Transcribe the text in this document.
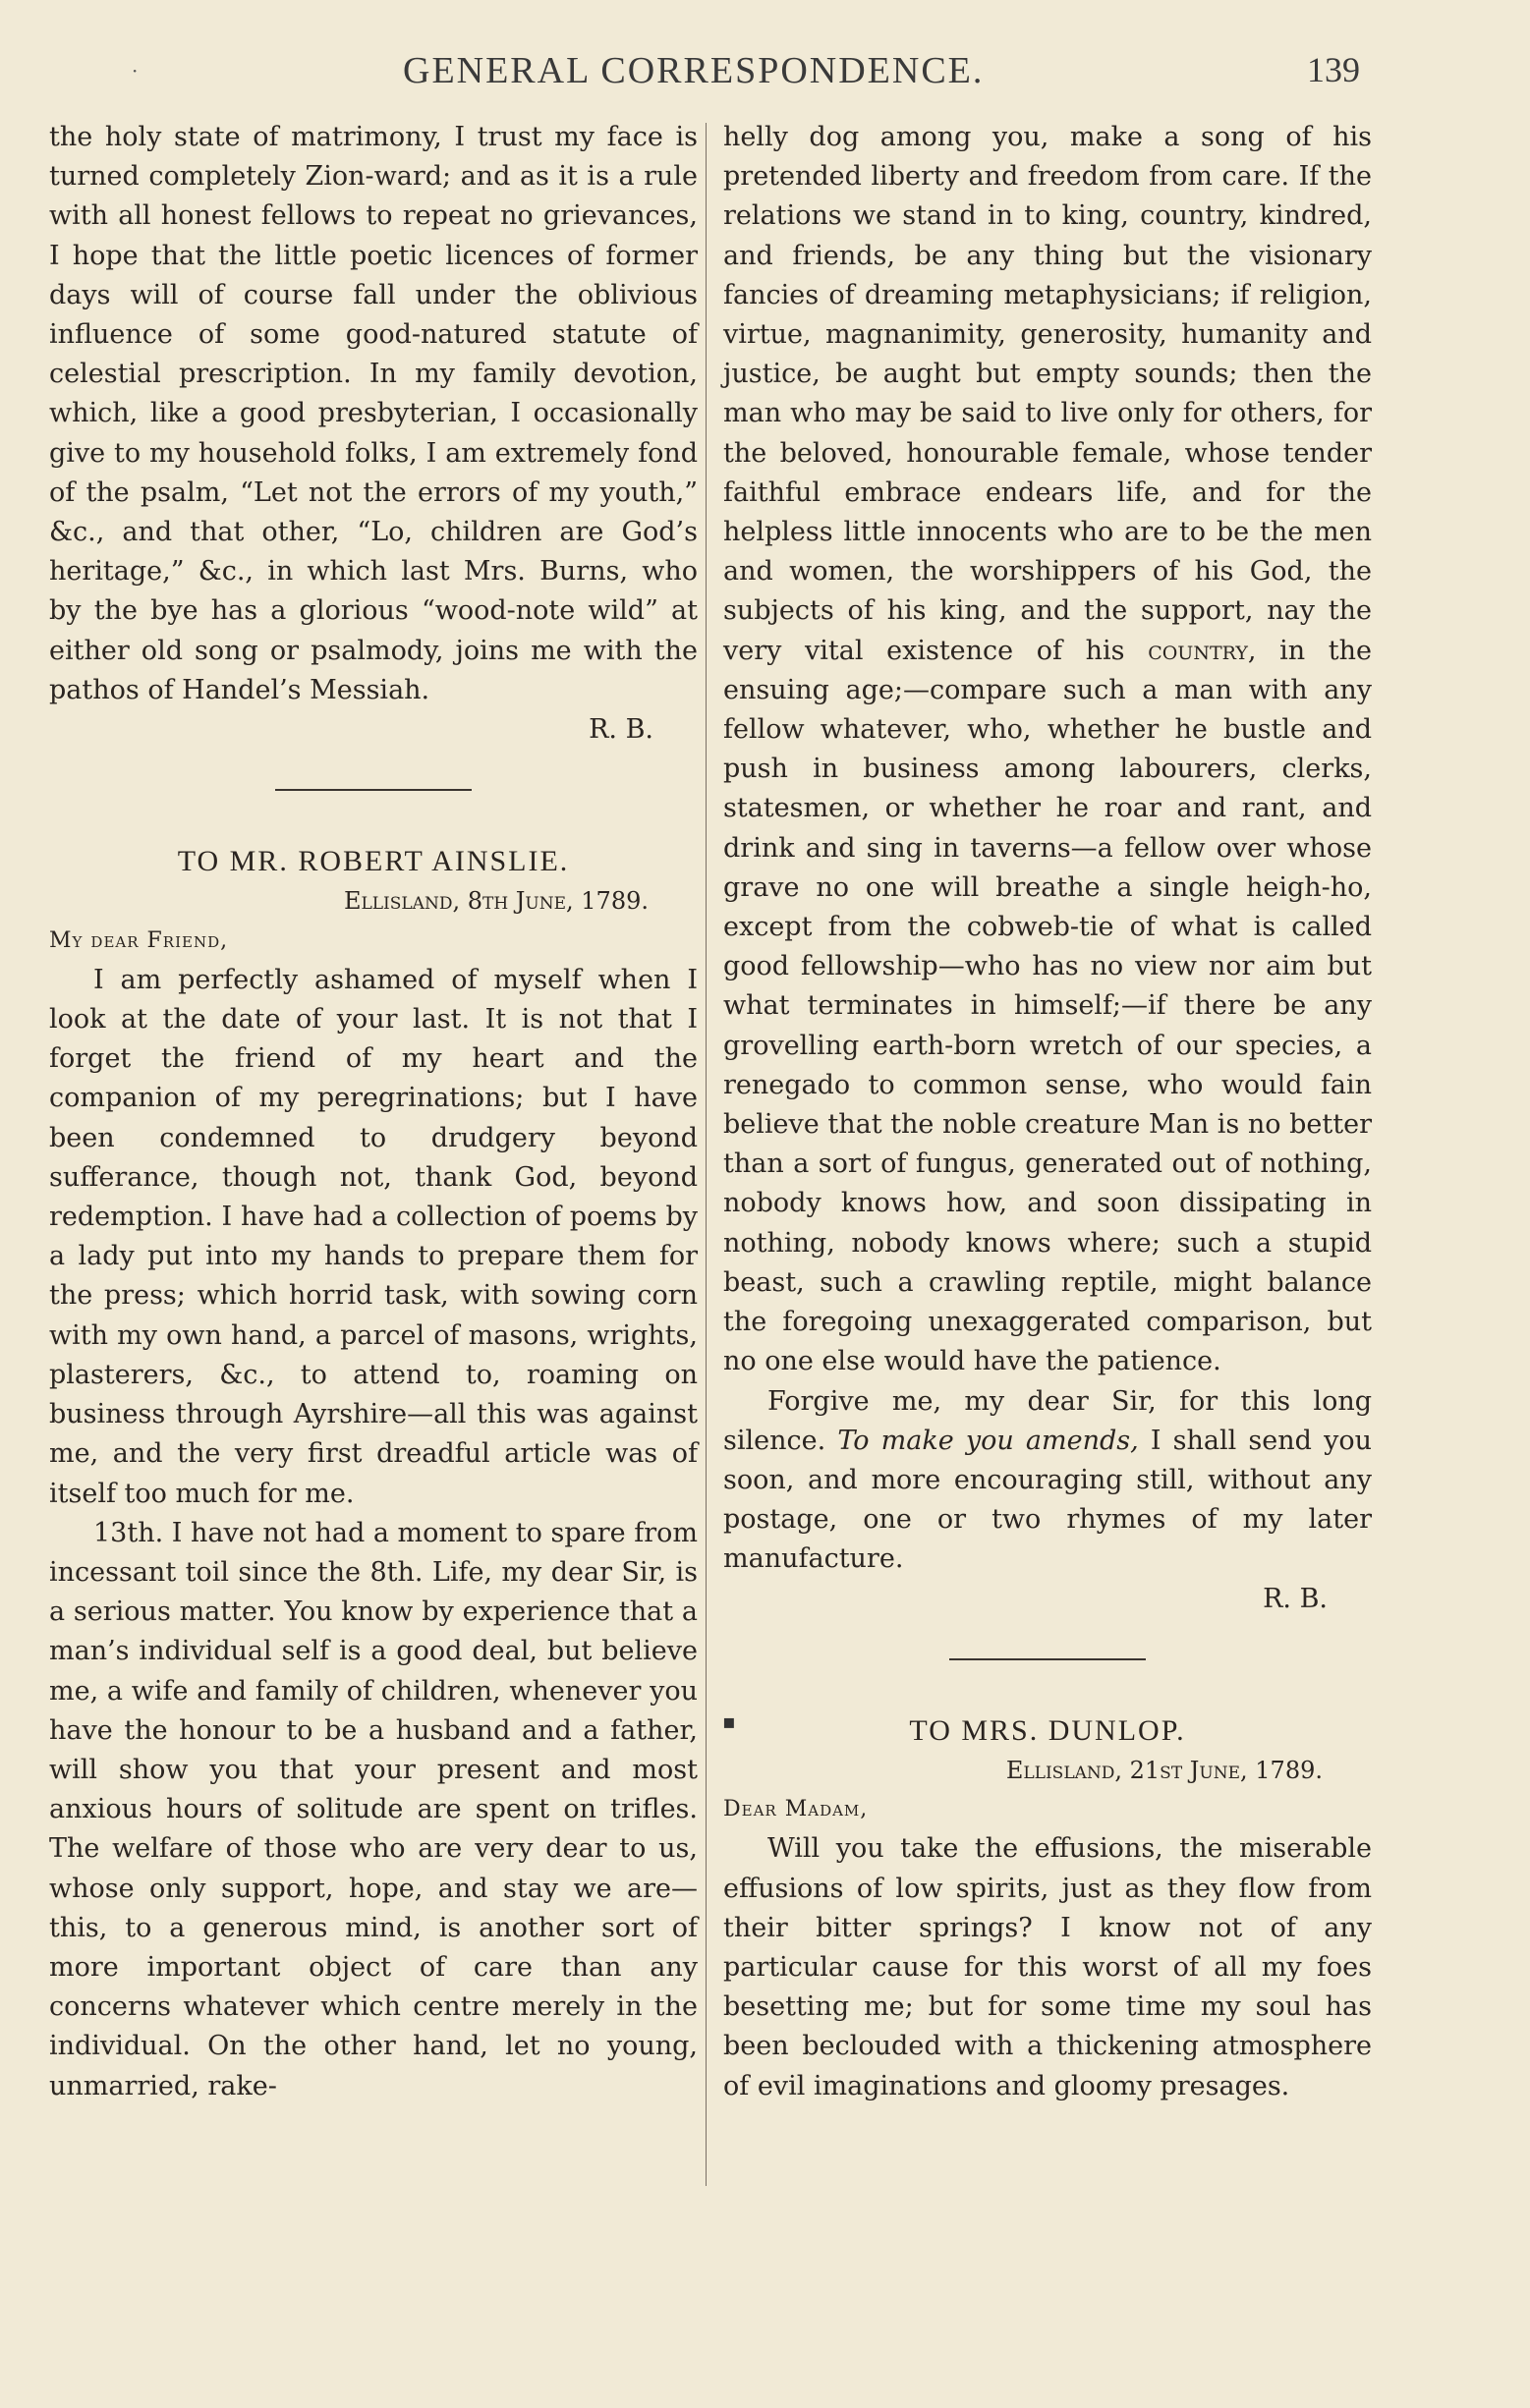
·	GENERAL CORRESPONDENCE.	139

the holy state of matrimony, I trust my face is turned completely Zion-ward; and as it is a rule with all honest fellows to repeat no grievances, I hope that the little poetic licences of former days will of course fall under the oblivious influence of some good-natured statute of celestial prescription. In my family devotion, which, like a good presbyterian, I occasionally give to my household folks, I am extremely fond of the psalm, “Let not the errors of my youth,” &c., and that other, “Lo, children are God’s heritage,” &c., in which last Mrs. Burns, who by the bye has a glorious “wood-note wild” at either old song or psalmody, joins me with the pathos of Handel’s Messiah.

R. B.

TO MR. ROBERT AINSLIE.

Ellisland, 8th June, 1789.

My dear Friend,

I am perfectly ashamed of myself when I look at the date of your last. It is not that I forget the friend of my heart and the companion of my peregrinations; but I have been condemned to drudgery beyond sufferance, though not, thank God, beyond redemption. I have had a collection of poems by a lady put into my hands to prepare them for the press; which horrid task, with sowing corn with my own hand, a parcel of masons, wrights, plasterers, &c., to attend to, roaming on business through Ayrshire—all this was against me, and the very first dreadful article was of itself too much for me.

13th. I have not had a moment to spare from incessant toil since the 8th. Life, my dear Sir, is a serious matter. You know by experience that a man’s individual self is a good deal, but believe me, a wife and family of children, whenever you have the honour to be a husband and a father, will show you that your present and most anxious hours of solitude are spent on trifles. The welfare of those who are very dear to us, whose only support, hope, and stay we are—this, to a generous mind, is another sort of more important object of care than any concerns whatever which centre merely in the individual. On the other hand, let no young, unmarried, rake-

▪

helly dog among you, make a song of his pretended liberty and freedom from care. If the relations we stand in to king, country, kindred, and friends, be any thing but the visionary fancies of dreaming metaphysicians; if religion, virtue, magnanimity, generosity, humanity and justice, be aught but empty sounds; then the man who may be said to live only for others, for the beloved, honourable female, whose tender faithful embrace endears life, and for the helpless little innocents who are to be the men and women, the worshippers of his God, the subjects of his king, and the support, nay the very vital existence of his country, in the ensuing age;—compare such a man with any fellow whatever, who, whether he bustle and push in business among labourers, clerks, statesmen, or whether he roar and rant, and drink and sing in taverns—a fellow over whose grave no one will breathe a single heigh-ho, except from the cobweb-tie of what is called good fellowship—who has no view nor aim but what terminates in himself;—if there be any grovelling earth-born wretch of our species, a renegado to common sense, who would fain believe that the noble creature Man is no better than a sort of fungus, generated out of nothing, nobody knows how, and soon dissipating in nothing, nobody knows where; such a stupid beast, such a crawling reptile, might balance the foregoing unexaggerated comparison, but no one else would have the patience.

Forgive me, my dear Sir, for this long silence. To make you amends, I shall send you soon, and more encouraging still, without any postage, one or two rhymes of my later manufacture.

R. B.

TO MRS. DUNLOP.

Ellisland, 21st June, 1789.

Dear Madam,

Will you take the effusions, the miserable effusions of low spirits, just as they flow from their bitter springs? I know not of any particular cause for this worst of all my foes besetting me; but for some time my soul has been beclouded with a thickening atmosphere of evil imaginations and gloomy presages.
